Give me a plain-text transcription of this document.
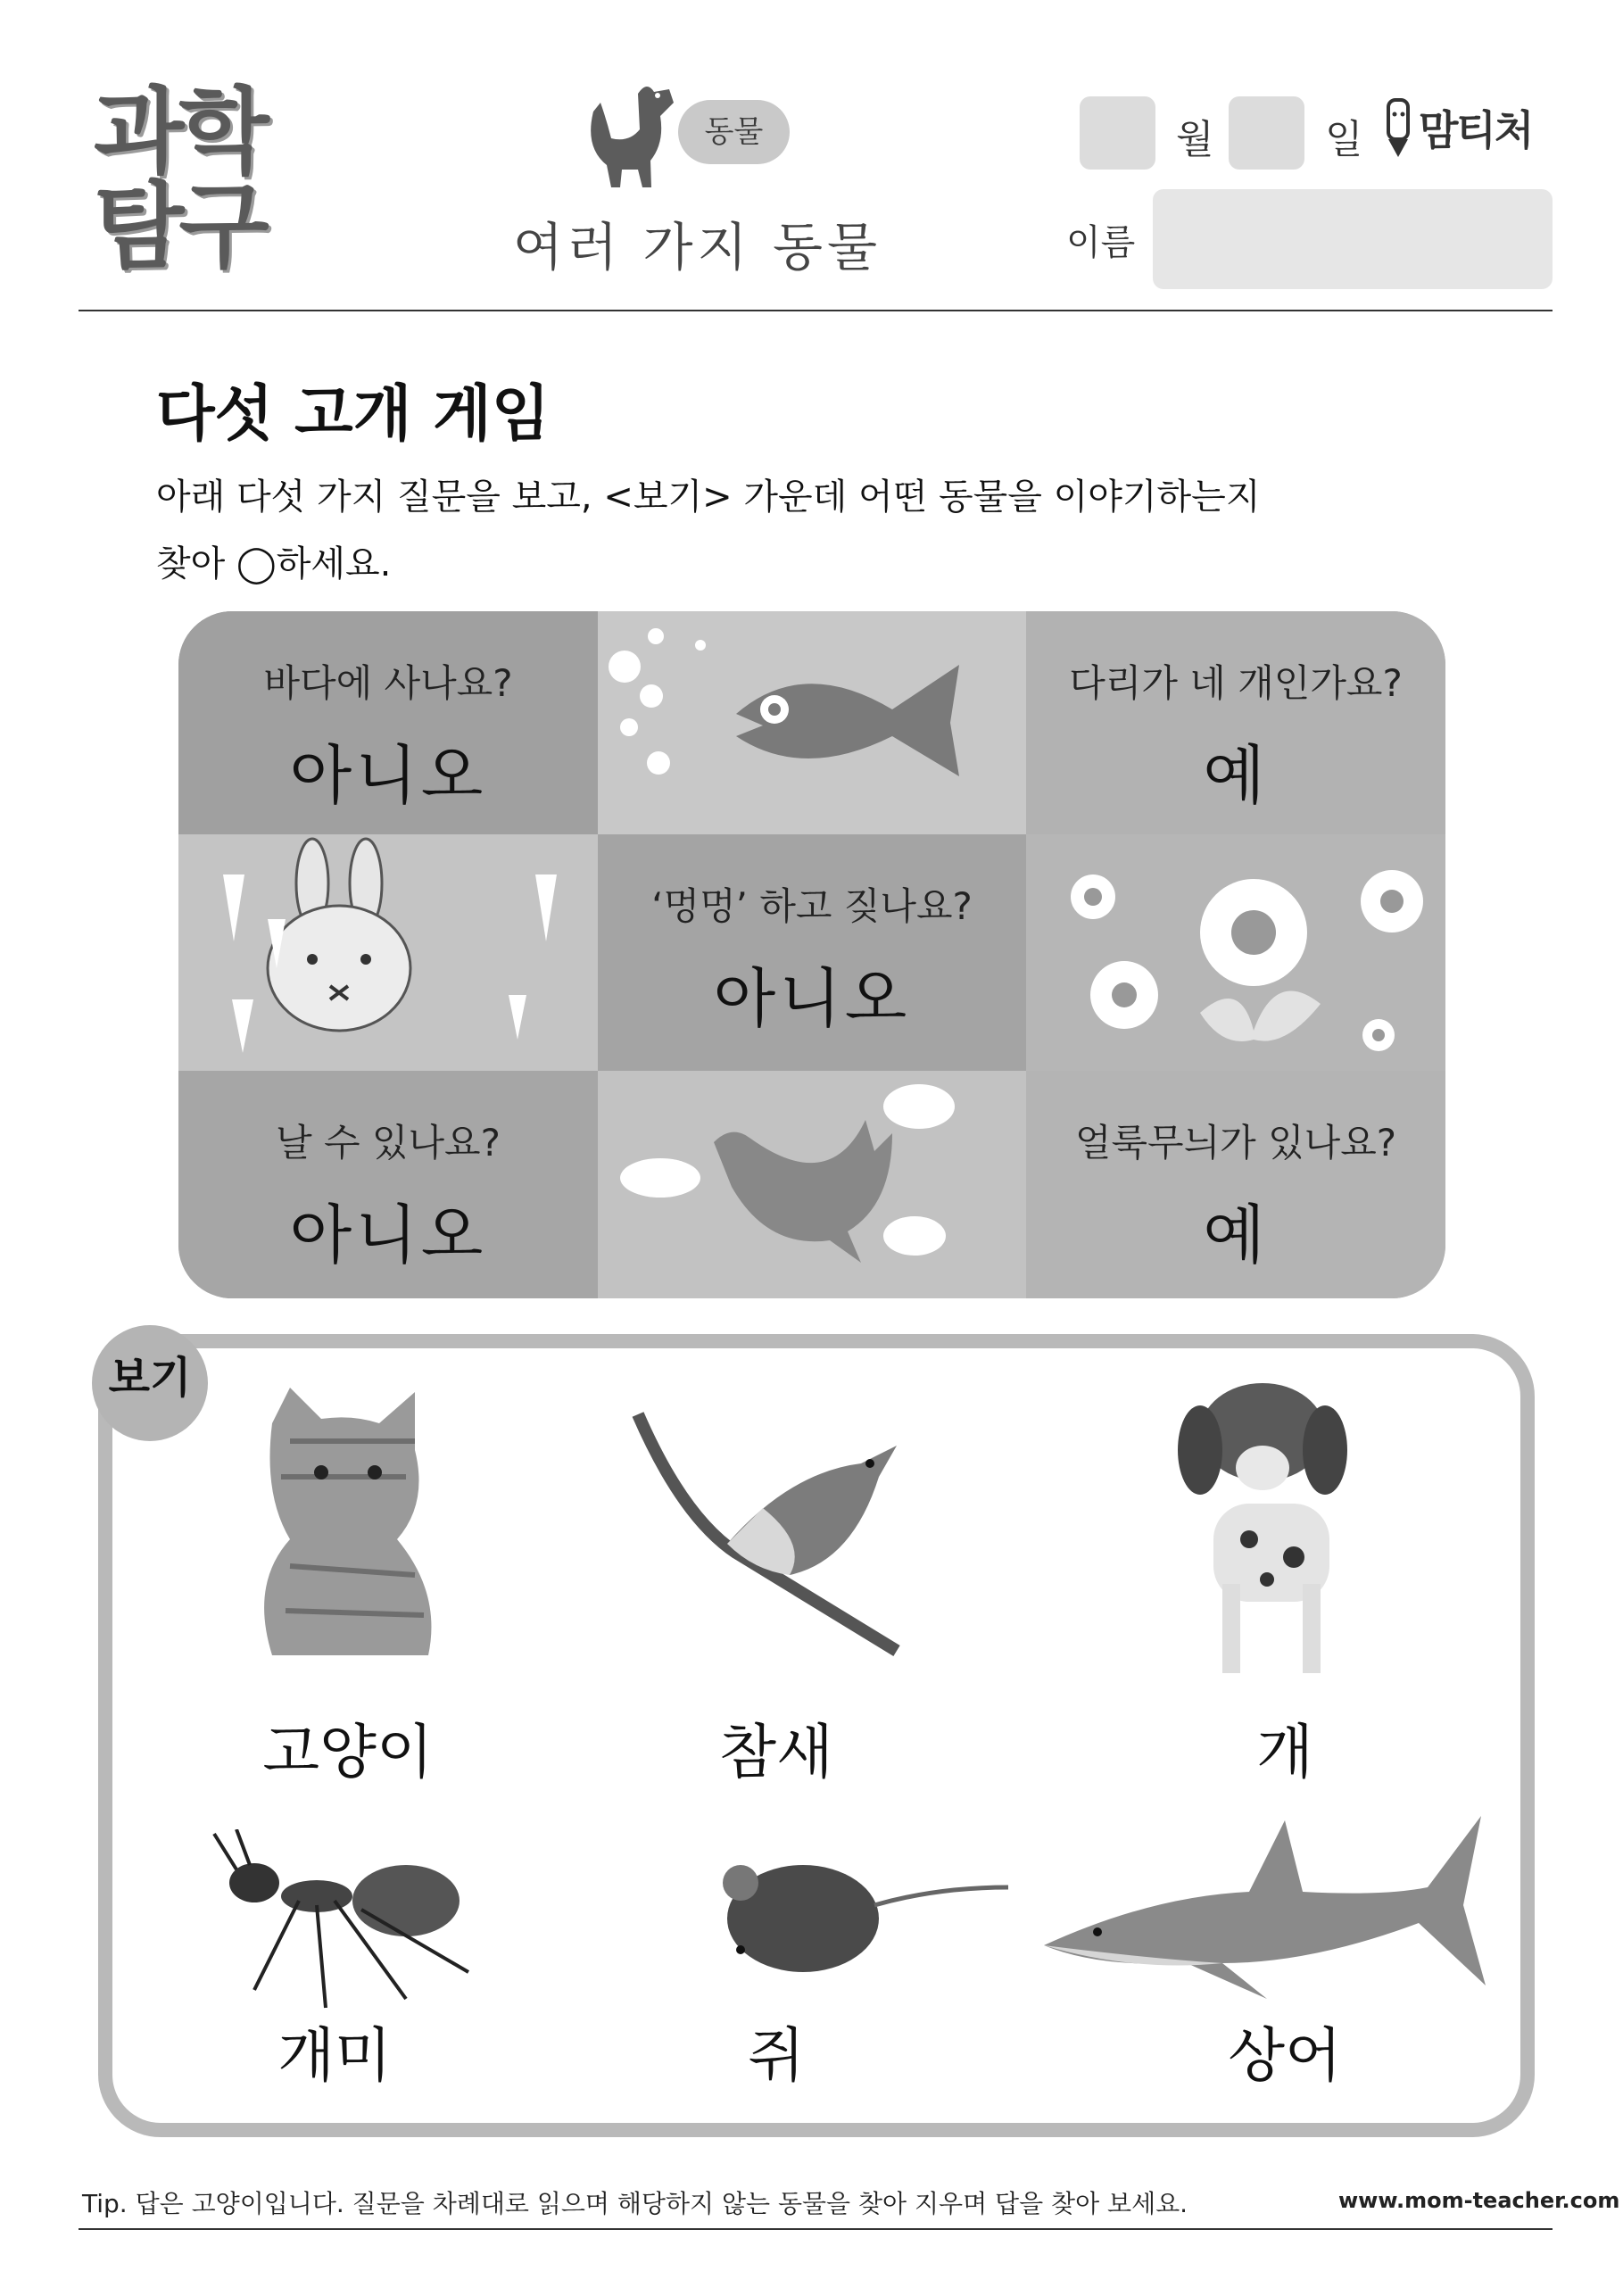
과학
탐구
동물
여러 가지 동물
월	일 맘티처
이름
다섯 고개 게임
아래 다섯 가지 질문을 보고, <보기> 가운데 어떤 동물을 이야기하는지
찾아 ◯하세요.
바다에 사나요?
아니오
다리가 네 개인가요?
예
‘멍멍’ 하고 짖나요?
아니오
날 수 있나요?
아니오
얼룩무늬가 있나요?
예
보기
고양이	참새	개
개미	쥐	상어
Tip. 답은 고양이입니다. 질문을 차례대로 읽으며 해당하지 않는 동물을 찾아 지우며 답을 찾아 보세요.	www.mom-teacher.com
